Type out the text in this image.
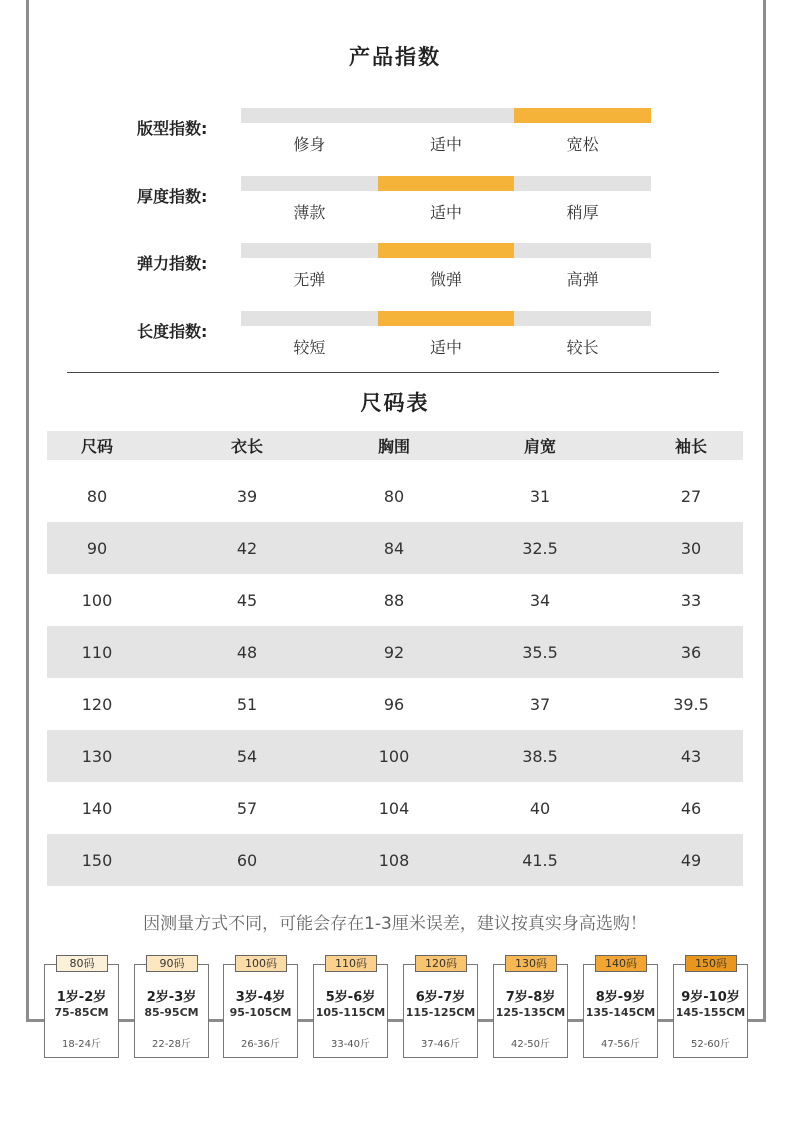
产品指数
版型指数:
修身	适中	宽松
厚度指数:
薄款	适中	稍厚
弹力指数:
无弹	微弹	高弹
长度指数:
较短	适中	较长
尺码表
尺码	衣长	胸围	肩宽	袖长
80	39	80	31	27
90	42	84	32.5	30
100	45	88	34	33
110	48	92	35.5	36
120	51	96	37	39.5
130	54	100	38.5	43
140	57	104	40	46
150	60	108	41.5	49
因测量方式不同，可能会存在1-3厘米误差，建议按真实身高选购！
80码
1岁-2岁
75-85CM
18-24斤
90码
2岁-3岁
85-95CM
22-28斤
100码
3岁-4岁
95-105CM
26-36斤
110码
5岁-6岁
105-115CM
33-40斤
120码
6岁-7岁
115-125CM
37-46斤
130码
7岁-8岁
125-135CM
42-50斤
140码
8岁-9岁
135-145CM
47-56斤
150码
9岁-10岁
145-155CM
52-60斤
